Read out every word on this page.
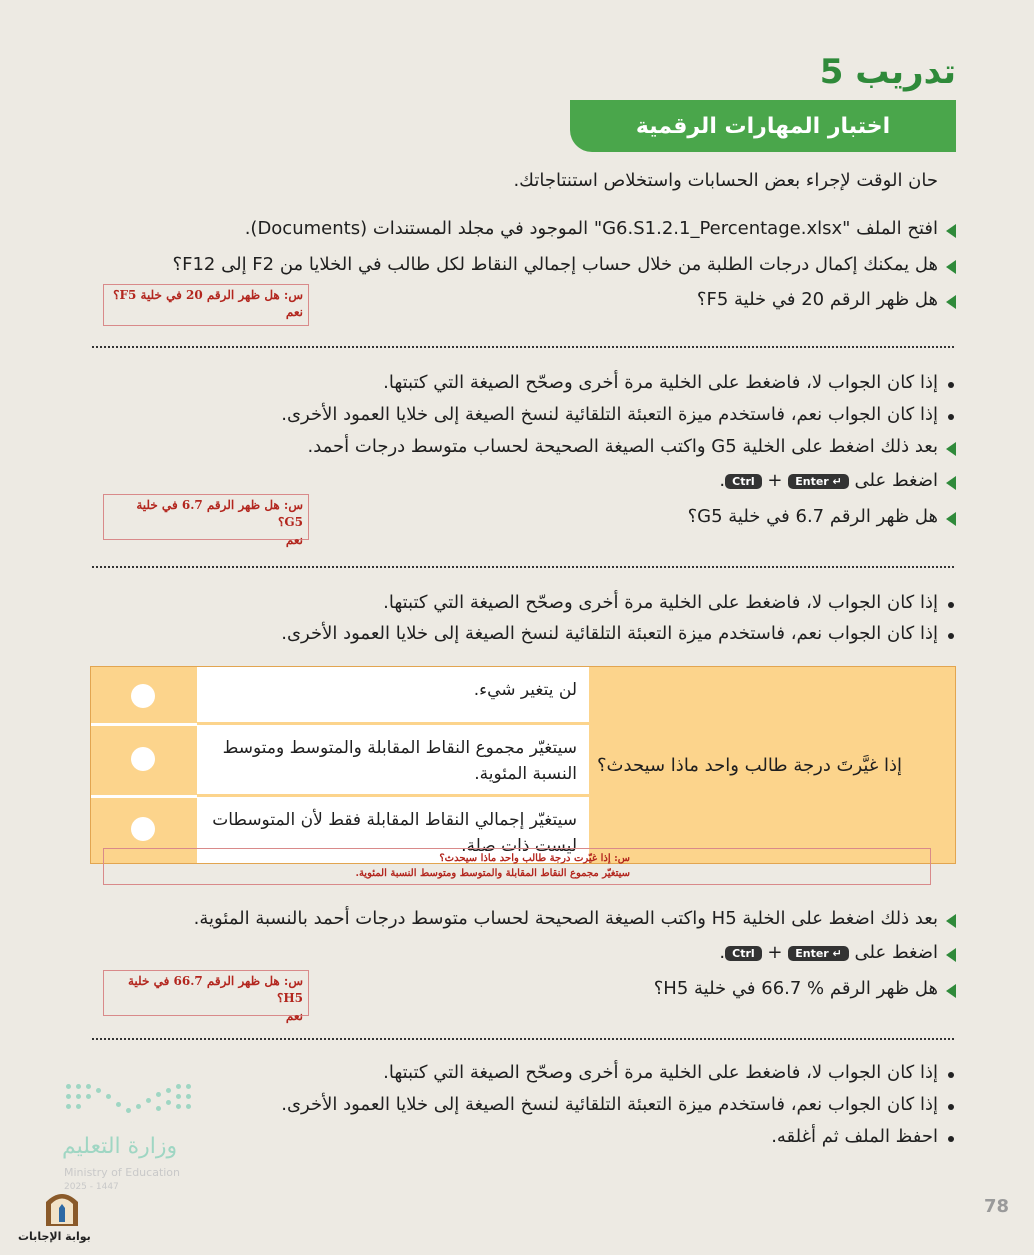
تدريب 5
اختبار المهارات الرقمية
حان الوقت لإجراء بعض الحسابات واستخلاص استنتاجاتك.
افتح الملف "G6.S1.2.1_Percentage.xlsx" الموجود في مجلد المستندات (Documents).
هل يمكنك إكمال درجات الطلبة من خلال حساب إجمالي النقاط لكل طالب في الخلايا من F2 إلى F12؟
هل ظهر الرقم 20 في خلية F5؟
س: هل ظهر الرقم 20 في خلية F5؟
نعم
إذا كان الجواب لا، فاضغط على الخلية مرة أخرى وصحّح الصيغة التي كتبتها.
إذا كان الجواب نعم، فاستخدم ميزة التعبئة التلقائية لنسخ الصيغة إلى خلايا العمود الأخرى.
بعد ذلك اضغط على الخلية G5 واكتب الصيغة الصحيحة لحساب متوسط درجات أحمد.
اضغط على Enter ↵ + Ctrl.
هل ظهر الرقم 6.7 في خلية G5؟
س: هل ظهر الرقم 6.7 في خلية G5؟
نعم
إذا كان الجواب لا، فاضغط على الخلية مرة أخرى وصحّح الصيغة التي كتبتها.
إذا كان الجواب نعم، فاستخدم ميزة التعبئة التلقائية لنسخ الصيغة إلى خلايا العمود الأخرى.
إذا غيَّرتَ درجة طالب واحد ماذا سيحدث؟
لن يتغير شيء.
سيتغيّر مجموع النقاط المقابلة والمتوسط ومتوسط النسبة المئوية.
سيتغيّر إجمالي النقاط المقابلة فقط لأن المتوسطات ليست ذات صلة.
س: إذا غيّرت درجة طالب واحد ماذا سيحدث؟
سيتغيّر مجموع النقاط المقابلة والمتوسط ومتوسط النسبة المئوية.
بعد ذلك اضغط على الخلية H5 واكتب الصيغة الصحيحة لحساب متوسط درجات أحمد بالنسبة المئوية.
اضغط على Enter ↵ + Ctrl.
هل ظهر الرقم % 66.7 في خلية H5؟
س: هل ظهر الرقم 66.7 في خلية H5؟
نعم
إذا كان الجواب لا، فاضغط على الخلية مرة أخرى وصحّح الصيغة التي كتبتها.
إذا كان الجواب نعم، فاستخدم ميزة التعبئة التلقائية لنسخ الصيغة إلى خلايا العمود الأخرى.
احفظ الملف ثم أغلقه.
وزارة التعليم
Ministry of Education
2025 - 1447
بوابة الإجابات
78
